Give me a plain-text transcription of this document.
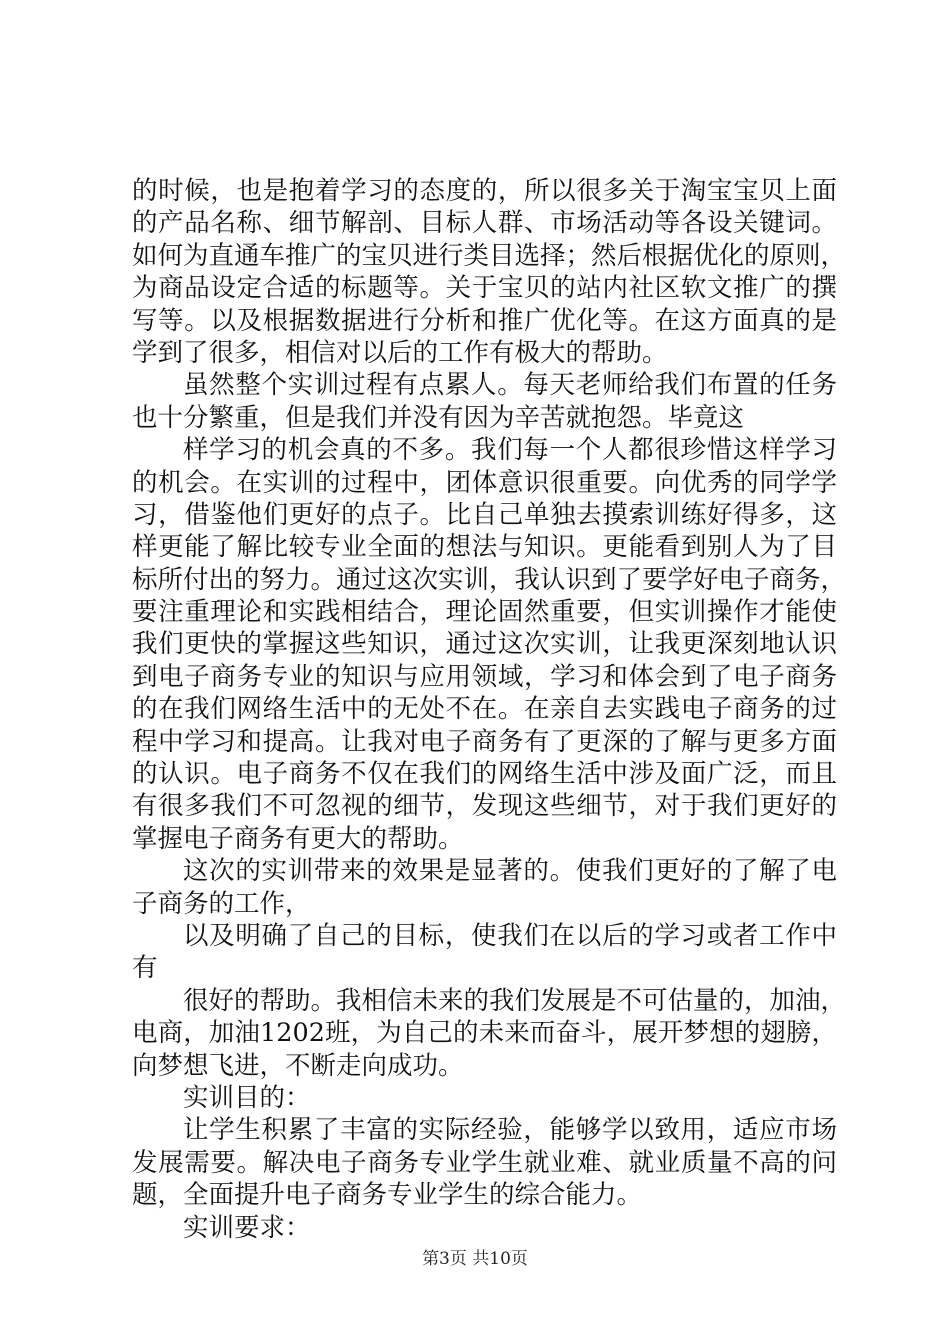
的时候，也是抱着学习的态度的，所以很多关于淘宝宝贝上面
的产品名称、细节解剖、目标人群、市场活动等各设关键词。
如何为直通车推广的宝贝进行类目选择；然后根据优化的原则，
为商品设定合适的标题等。关于宝贝的站内社区软文推广的撰
写等。以及根据数据进行分析和推广优化等。在这方面真的是
学到了很多，相信对以后的工作有极大的帮助。
虽然整个实训过程有点累人。每天老师给我们布置的任务
也十分繁重，但是我们并没有因为辛苦就抱怨。毕竟这
样学习的机会真的不多。我们每一个人都很珍惜这样学习
的机会。在实训的过程中，团体意识很重要。向优秀的同学学
习，借鉴他们更好的点子。比自己单独去摸索训练好得多，这
样更能了解比较专业全面的想法与知识。更能看到别人为了目
标所付出的努力。通过这次实训，我认识到了要学好电子商务，
要注重理论和实践相结合，理论固然重要，但实训操作才能使
我们更快的掌握这些知识，通过这次实训，让我更深刻地认识
到电子商务专业的知识与应用领域，学习和体会到了电子商务
的在我们网络生活中的无处不在。在亲自去实践电子商务的过
程中学习和提高。让我对电子商务有了更深的了解与更多方面
的认识。电子商务不仅在我们的网络生活中涉及面广泛，而且
有很多我们不可忽视的细节，发现这些细节，对于我们更好的
掌握电子商务有更大的帮助。
这次的实训带来的效果是显著的。使我们更好的了解了电
子商务的工作，
以及明确了自己的目标，使我们在以后的学习或者工作中
有
很好的帮助。我相信未来的我们发展是不可估量的，加油，
电商，加油1202班，为自己的未来而奋斗，展开梦想的翅膀，
向梦想飞进，不断走向成功。
实训目的：
让学生积累了丰富的实际经验，能够学以致用，适应市场
发展需要。解决电子商务专业学生就业难、就业质量不高的问
题，全面提升电子商务专业学生的综合能力。
实训要求：
第3页 共10页
